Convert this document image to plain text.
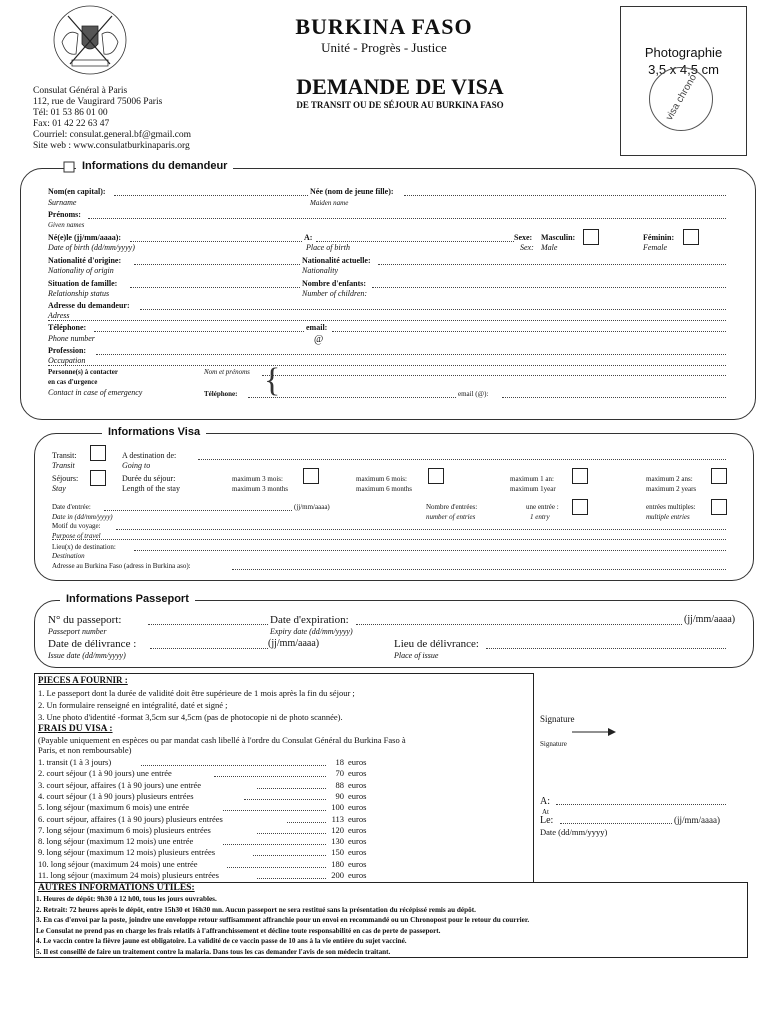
BURKINA FASO
Unité - Progrès - Justice
DEMANDE DE VISA
DE TRANSIT OU DE SÉJOUR AU BURKINA FASO
Consulat Général à Paris
112, rue de Vaugirard 75006 Paris
Tél: 01 53 86 01 00
Fax: 01 42 22 63 47
Courriel: consulat.general.bf@gmail.com
Site web : www.consulatburkinaparis.org
Photographie
3,5 x 4,5 cm
visa chrono
Informations du demandeur
Nom(en capital):
Surname
Née (nom de jeune fille):
Maiden name
Prénoms:
Given names
Né(e)le (jj/mm/aaaa):
Date of birth (dd/mm/yyyy)
A:
Place of birth
Sexe:
Sex:
Masculin:
Male
Féminin:
Female
Nationalité d'origine:
Nationality of origin
Nationalité actuelle:
Nationality
Situation de famille:
Relationship status
Nombre d'enfants:
Number of children:
Adresse du demandeur:
Adress
Téléphone:
Phone number
email:
@
Profession:
Occupation
Personne(s) à contacter
en cas d'urgence
Contact in case of emergency	{
Nom et prénoms
Téléphone:	email (@):
Informations Visa
Transit:
Transit
A destination de:
Going to
Séjours:
Stay
Durée du séjour:
Length of the stay
maximum 3 mois:
maximum 3 months
maximum 6 mois:
maximum 6 months
maximum 1 an:
maximum 1year
maximum 2 ans:
maximum 2 years
Date d'entrée:	(jj/mm/aaaa)
Date in (dd/mm/yyyy)
Nombre d'entrées:
number of entries
une entrée :
1 entry
entrées multiples:
multiple entries
Motif du voyage:
Purpose of travel
Lieu(x) de destination:
Destination
Adresse au Burkina Faso (adress in Burkina aso):
Informations Passeport
N° du passeport:
Passeport number
Date d'expiration:	(jj/mm/aaaa)
Expiry date (dd/mm/yyyy)
Date de délivrance :	(jj/mm/aaaa)
Issue date (dd/mm/yyyy)
Lieu de délivrance:
Place of issue
PIECES A FOURNIR :
1. Le passeport dont la durée de validité doit être supérieure de 1 mois après la fin du séjour ;
2. Un formulaire renseigné en intégralité, daté et signé ;
3. Une photo d'identité -format 3,5cm sur 4,5cm (pas de photocopie ni de photo scannée).
FRAIS DU VISA :
(Payable uniquement en espèces ou par mandat cash libellé à l'ordre du Consulat Général du Burkina Faso à
Paris, et non remboursable)
1. transit (1 à 3 jours)	18 euros
2. court séjour (1 à 90 jours) une entrée	70 euros
3. court séjour, affaires (1 à 90 jours) une entrée	88 euros
4. court séjour (1 à 90 jours) plusieurs entrées	90 euros
5. long séjour (maximum 6 mois) une entrée	100 euros
6. court séjour, affaires (1 à 90 jours) plusieurs entrées	113 euros
7. long séjour (maximum 6 mois) plusieurs entrées	120 euros
8. long séjour (maximum 12 mois) une entrée	130 euros
9. long séjour (maximum 12 mois) plusieurs entrées	150 euros
10. long séjour (maximum 24 mois) une entrée	180 euros
11. long séjour (maximum 24 mois) plusieurs entrées	200 euros
Signature
Signature
A:
At
Le:	(jj/mm/aaaa)
Date (dd/mm/yyyy)
AUTRES INFORMATIONS UTILES:
1. Heures de dépôt: 9h30 à 12 h00, tous les jours ouvrables.
2. Retrait: 72 heures après le dépôt, entre 15h30 et 16h30 mn. Aucun passeport ne sera restitué sans la présentation du récépissé remis au dépôt.
3. En cas d'envoi par la poste, joindre une enveloppe retour suffisamment affranchie pour un envoi en recommandé ou un Chronopost pour le retour du courrier.
Le Consulat ne prend pas en charge les frais relatifs à l'affranchissement et décline toute responsabilité en cas de perte de passeport.
4. Le vaccin contre la fièvre jaune est obligatoire. La validité de ce vaccin passe de 10 ans à la vie entière du sujet vacciné.
5. Il est conseillé de faire un traitement contre la malaria. Dans tous les cas demander l'avis de son médecin traitant.
